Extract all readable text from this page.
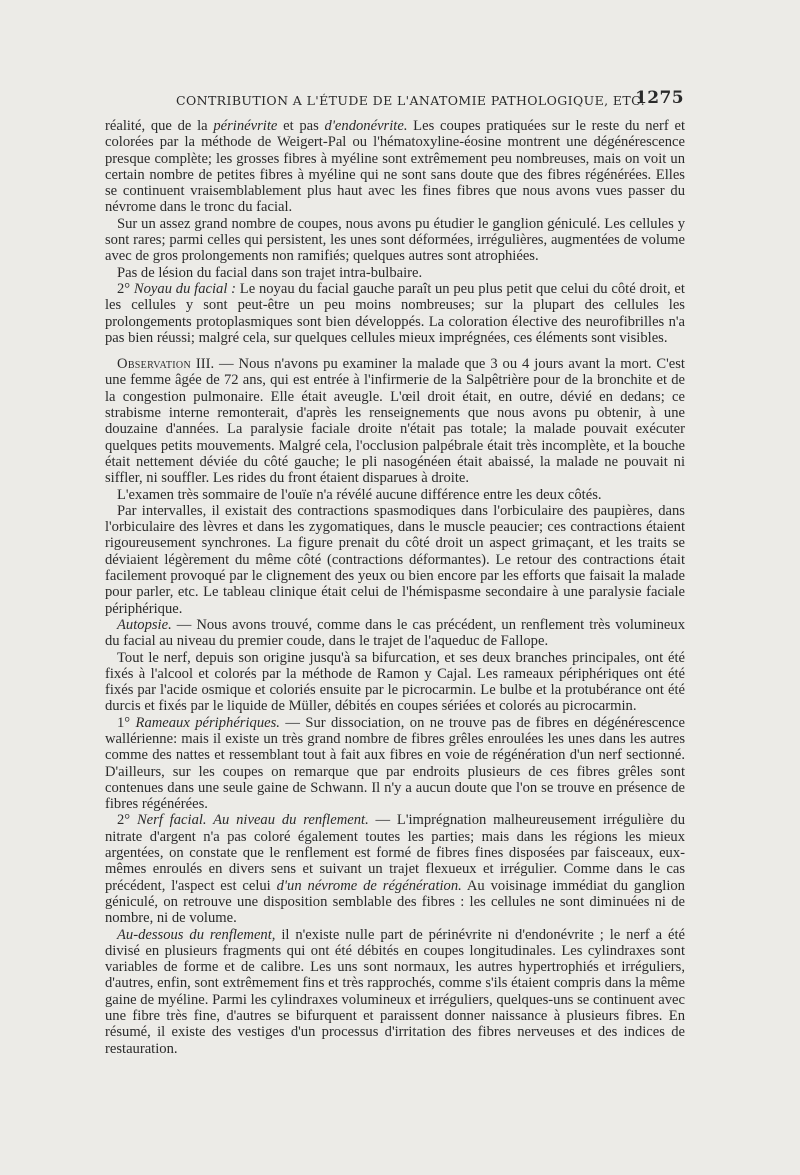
CONTRIBUTION A L'ÉTUDE DE L'ANATOMIE PATHOLOGIQUE, ETC.
1275

réalité, que de la périnévrite et pas d'endonévrite. Les coupes pratiquées sur le reste du nerf et colorées par la méthode de Weigert-Pal ou l'hématoxyline-éosine montrent une dégénérescence presque complète; les grosses fibres à myéline sont extrêmement peu nombreuses, mais on voit un certain nombre de petites fibres à myéline qui ne sont sans doute que des fibres régénérées. Elles se continuent vraisemblablement plus haut avec les fines fibres que nous avons vues passer du névrome dans le tronc du facial.

Sur un assez grand nombre de coupes, nous avons pu étudier le ganglion géniculé. Les cellules y sont rares; parmi celles qui persistent, les unes sont déformées, irrégulières, augmentées de volume avec de gros prolongements non ramifiés; quelques autres sont atrophiées.

Pas de lésion du facial dans son trajet intra-bulbaire.

2° Noyau du facial : Le noyau du facial gauche paraît un peu plus petit que celui du côté droit, et les cellules y sont peut-être un peu moins nombreuses; sur la plupart des cellules les prolongements protoplasmiques sont bien développés. La coloration élective des neurofibrilles n'a pas bien réussi; malgré cela, sur quelques cellules mieux imprégnées, ces éléments sont visibles.

Observation III. — Nous n'avons pu examiner la malade que 3 ou 4 jours avant la mort. C'est une femme âgée de 72 ans, qui est entrée à l'infirmerie de la Salpêtrière pour de la bronchite et de la congestion pulmonaire. Elle était aveugle. L'œil droit était, en outre, dévié en dedans; ce strabisme interne remonterait, d'après les renseignements que nous avons pu obtenir, à une douzaine d'années. La paralysie faciale droite n'était pas totale; la malade pouvait exécuter quelques petits mouvements. Malgré cela, l'occlusion palpébrale était très incomplète, et la bouche était nettement déviée du côté gauche; le pli nasogénéen était abaissé, la malade ne pouvait ni siffler, ni souffler. Les rides du front étaient disparues à droite.

L'examen très sommaire de l'ouïe n'a révélé aucune différence entre les deux côtés.

Par intervalles, il existait des contractions spasmodiques dans l'orbiculaire des paupières, dans l'orbiculaire des lèvres et dans les zygomatiques, dans le muscle peaucier; ces contractions étaient rigoureusement synchrones. La figure prenait du côté droit un aspect grimaçant, et les traits se déviaient légèrement du même côté (contractions déformantes). Le retour des contractions était facilement provoqué par le clignement des yeux ou bien encore par les efforts que faisait la malade pour parler, etc. Le tableau clinique était celui de l'hémispasme secondaire à une paralysie faciale périphérique.

Autopsie. — Nous avons trouvé, comme dans le cas précédent, un renflement très volumineux du facial au niveau du premier coude, dans le trajet de l'aqueduc de Fallope.

Tout le nerf, depuis son origine jusqu'à sa bifurcation, et ses deux branches principales, ont été fixés à l'alcool et colorés par la méthode de Ramon y Cajal. Les rameaux périphériques ont été fixés par l'acide osmique et coloriés ensuite par le picrocarmin. Le bulbe et la protubérance ont été durcis et fixés par le liquide de Müller, débités en coupes sériées et colorés au picrocarmin.

1° Rameaux périphériques. — Sur dissociation, on ne trouve pas de fibres en dégénérescence wallérienne: mais il existe un très grand nombre de fibres grêles enroulées les unes dans les autres comme des nattes et ressemblant tout à fait aux fibres en voie de régénération d'un nerf sectionné. D'ailleurs, sur les coupes on remarque que par endroits plusieurs de ces fibres grêles sont contenues dans une seule gaine de Schwann. Il n'y a aucun doute que l'on se trouve en présence de fibres régénérées.

2° Nerf facial. Au niveau du renflement. — L'imprégnation malheureusement irrégulière du nitrate d'argent n'a pas coloré également toutes les parties; mais dans les régions les mieux argentées, on constate que le renflement est formé de fibres fines disposées par faisceaux, eux-mêmes enroulés en divers sens et suivant un trajet flexueux et irrégulier. Comme dans le cas précédent, l'aspect est celui d'un névrome de régénération. Au voisinage immédiat du ganglion géniculé, on retrouve une disposition semblable des fibres : les cellules ne sont diminuées ni de nombre, ni de volume.

Au-dessous du renflement, il n'existe nulle part de périnévrite ni d'endonévrite ; le nerf a été divisé en plusieurs fragments qui ont été débités en coupes longitudinales. Les cylindraxes sont variables de forme et de calibre. Les uns sont normaux, les autres hypertrophiés et irréguliers, d'autres, enfin, sont extrêmement fins et très rapprochés, comme s'ils étaient compris dans la même gaine de myéline. Parmi les cylindraxes volumineux et irréguliers, quelques-uns se continuent avec une fibre très fine, d'autres se bifurquent et paraissent donner naissance à plusieurs fibres. En résumé, il existe des vestiges d'un processus d'irritation des fibres nerveuses et des indices de restauration.
